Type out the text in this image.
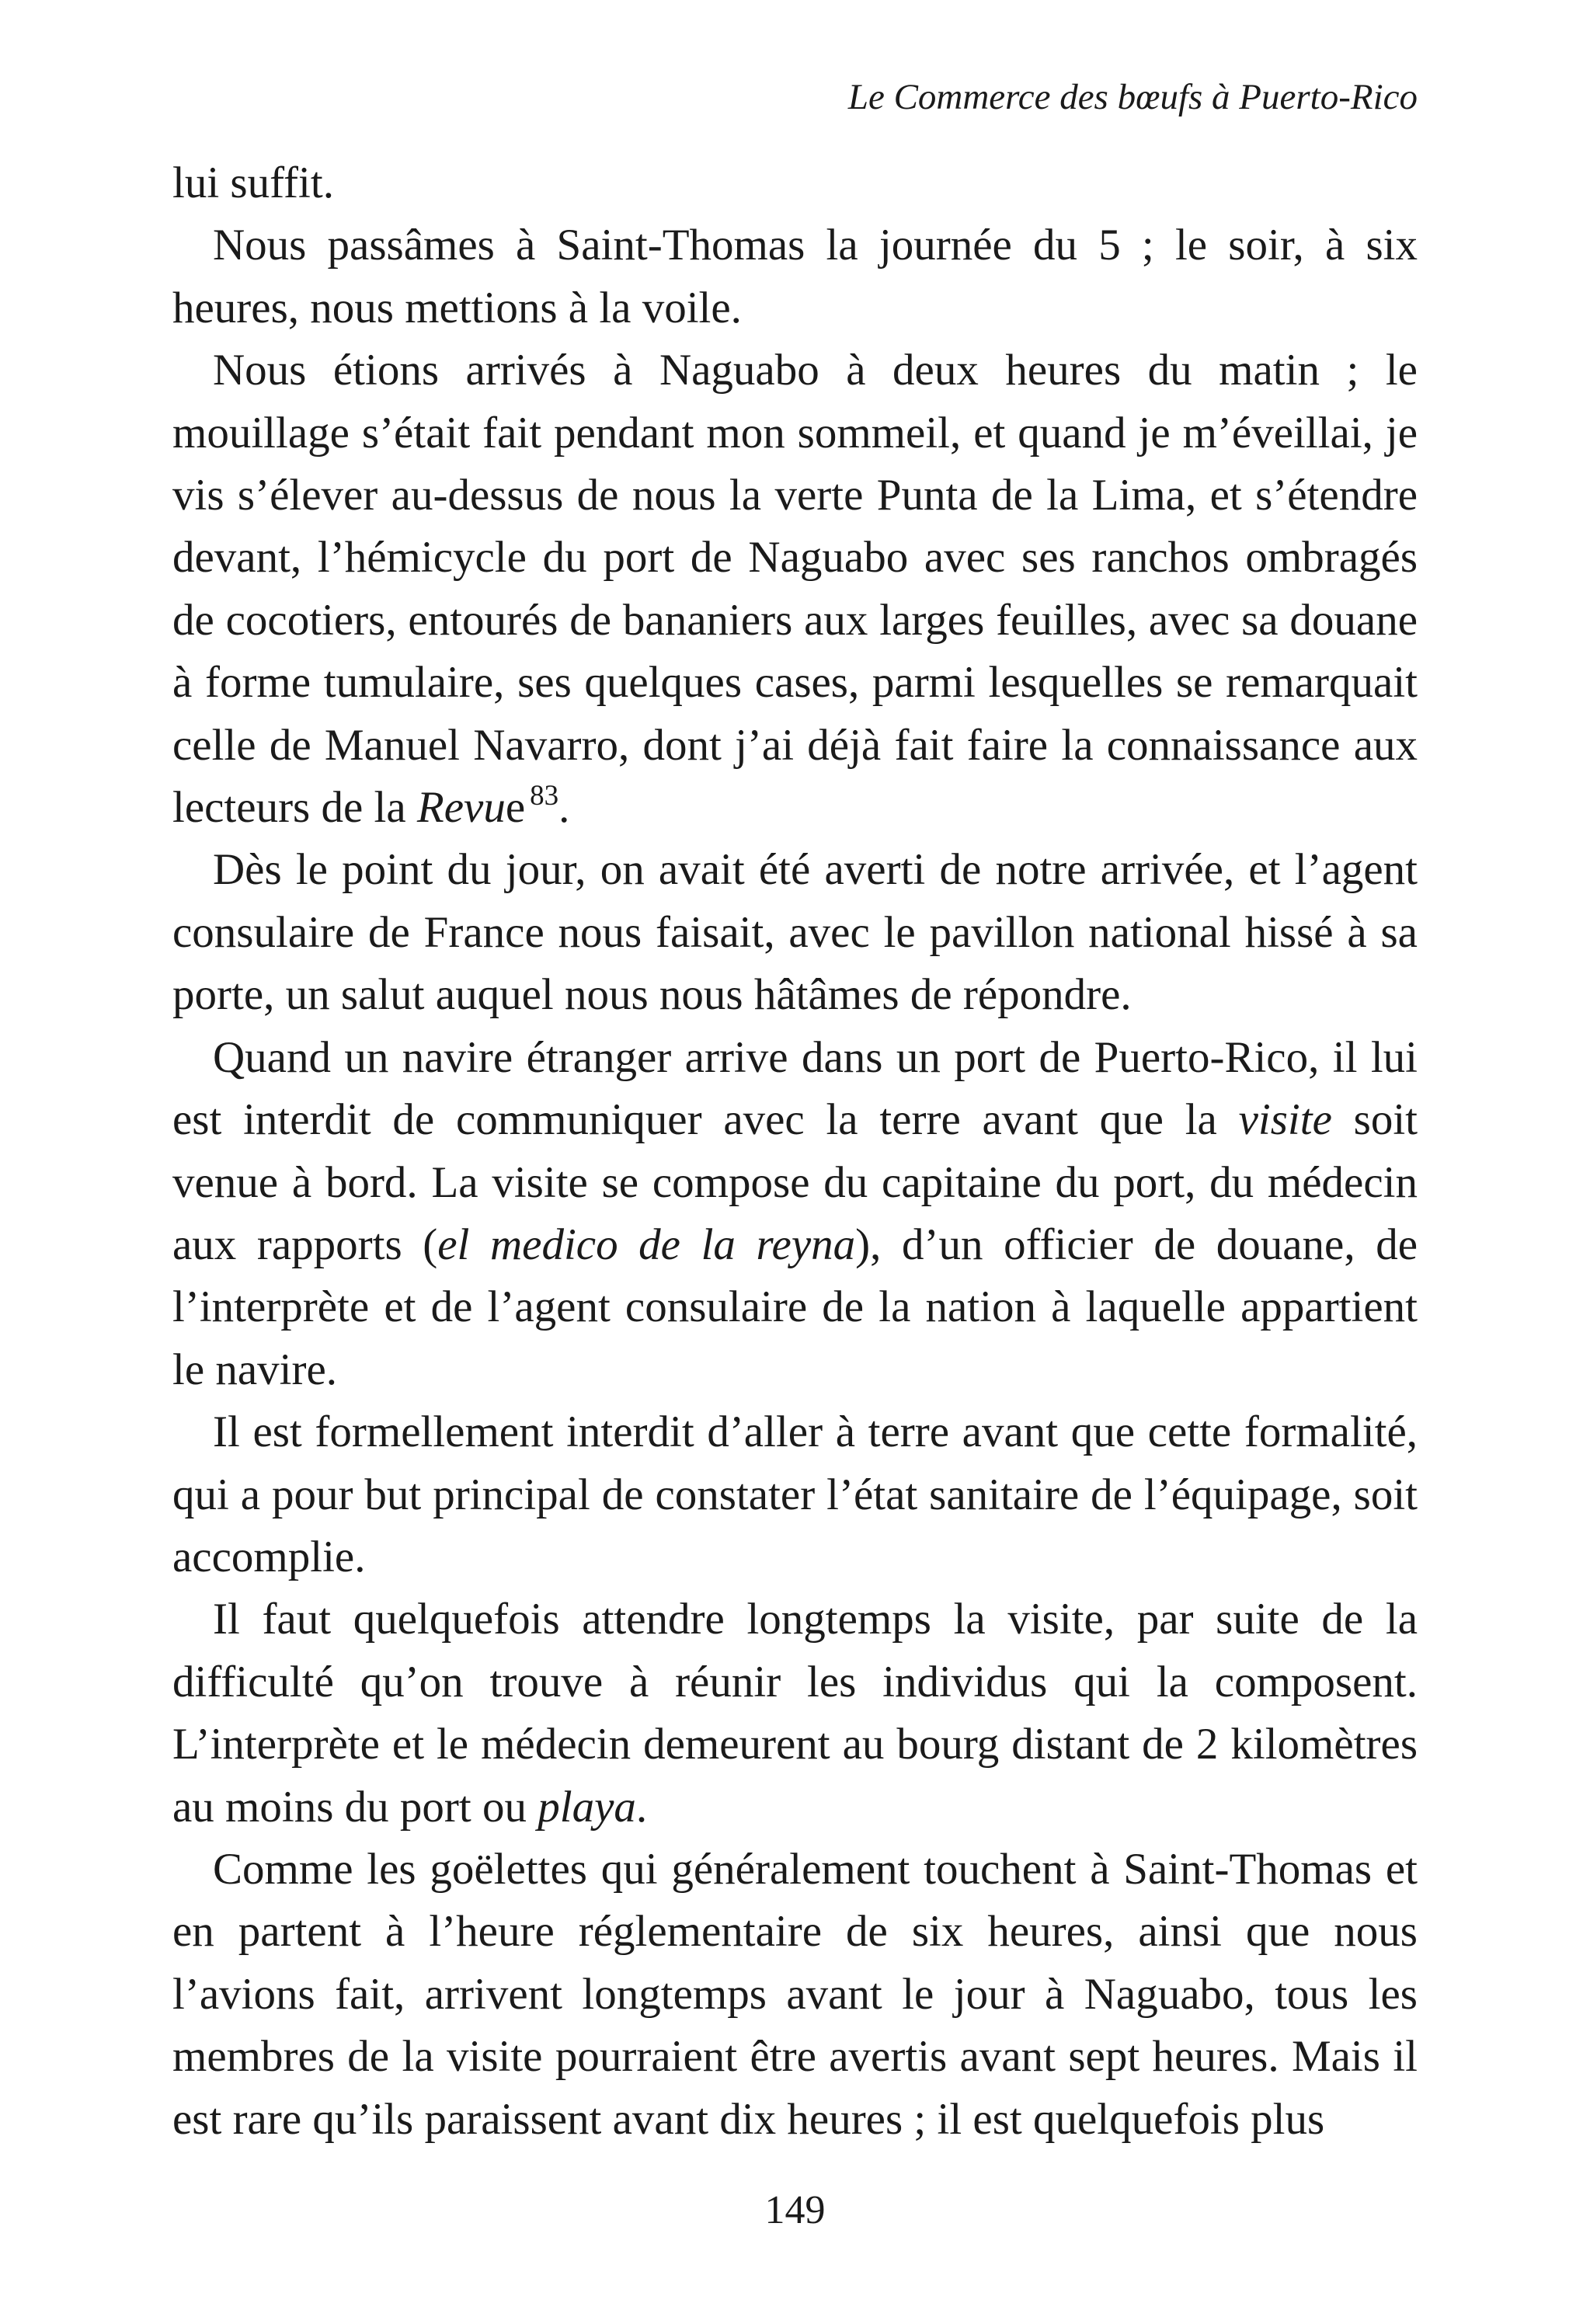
Le Commerce des bœufs à Puerto-Rico

lui suffit.

Nous passâmes à Saint-Thomas la journée du 5 ; le soir, à six heures, nous mettions à la voile.

Nous étions arrivés à Naguabo à deux heures du matin ; le mouillage s’était fait pendant mon sommeil, et quand je m’éveillai, je vis s’élever au-dessus de nous la verte Punta de la Lima, et s’étendre devant, l’hémicycle du port de Naguabo avec ses ranchos ombragés de cocotiers, entourés de bananiers aux larges feuilles, avec sa douane à forme tumulaire, ses quelques cases, parmi lesquelles se remarquait celle de Manuel Navarro, dont j’ai déjà fait faire la connaissance aux lecteurs de la Revue $^{83}$.

Dès le point du jour, on avait été averti de notre arrivée, et l’agent consulaire de France nous faisait, avec le pavillon national hissé à sa porte, un salut auquel nous nous hâtâmes de répondre.

Quand un navire étranger arrive dans un port de Puerto-Rico, il lui est interdit de communiquer avec la terre avant que la visite soit venue à bord. La visite se compose du capitaine du port, du médecin aux rapports (el medico de la reyna), d’un officier de douane, de l’interprète et de l’agent consulaire de la nation à laquelle appartient le navire.

Il est formellement interdit d’aller à terre avant que cette formalité, qui a pour but principal de constater l’état sanitaire de l’équipage, soit accomplie.

Il faut quelquefois attendre longtemps la visite, par suite de la difficulté qu’on trouve à réunir les individus qui la composent. L’interprète et le médecin demeurent au bourg distant de 2 kilomètres au moins du port ou playa.

Comme les goëlettes qui généralement touchent à Saint-Thomas et en partent à l’heure réglementaire de six heures, ainsi que nous l’avions fait, arrivent longtemps avant le jour à Naguabo, tous les membres de la visite pourraient être avertis avant sept heures. Mais il est rare qu’ils paraissent avant dix heures ; il est quelquefois plus

149
